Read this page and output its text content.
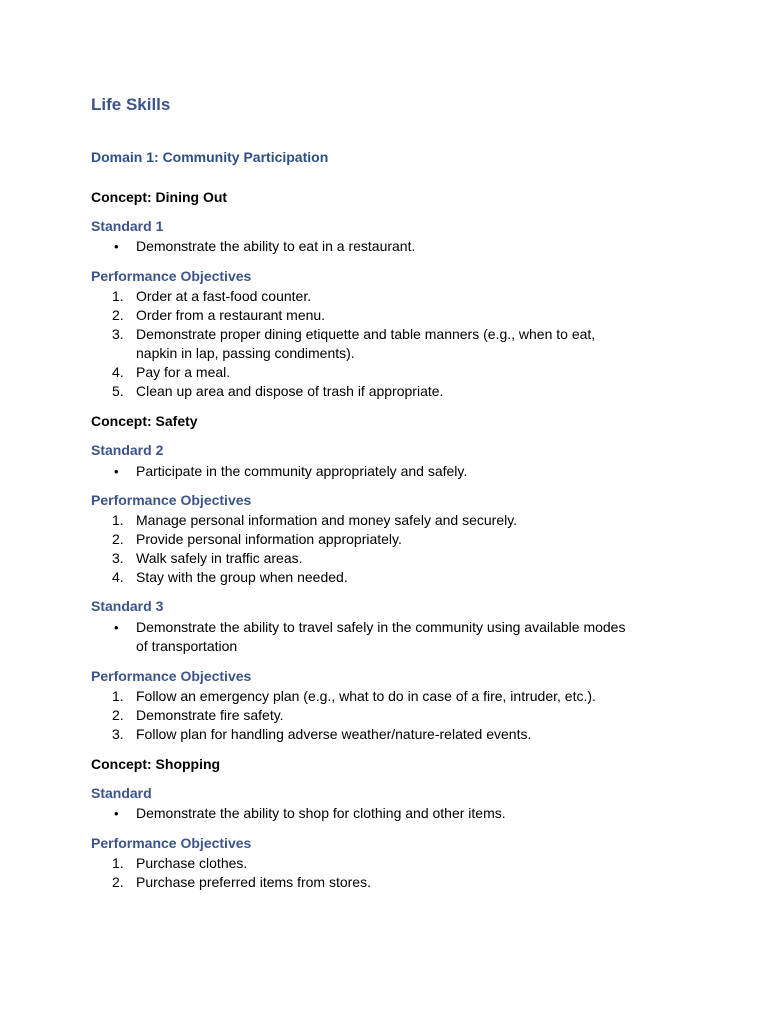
Life Skills
Domain 1: Community Participation
Concept: Dining Out
Standard 1
• Demonstrate the ability to eat in a restaurant.
Performance Objectives
1. Order at a fast-food counter.
2. Order from a restaurant menu.
3. Demonstrate proper dining etiquette and table manners (e.g., when to eat,
napkin in lap, passing condiments).
4. Pay for a meal.
5. Clean up area and dispose of trash if appropriate.
Concept: Safety
Standard 2
• Participate in the community appropriately and safely.
Performance Objectives
1. Manage personal information and money safely and securely.
2. Provide personal information appropriately.
3. Walk safely in traffic areas.
4. Stay with the group when needed.
Standard 3
• Demonstrate the ability to travel safely in the community using available modes
of transportation
Performance Objectives
1. Follow an emergency plan (e.g., what to do in case of a fire, intruder, etc.).
2. Demonstrate fire safety.
3. Follow plan for handling adverse weather/nature-related events.
Concept: Shopping
Standard
• Demonstrate the ability to shop for clothing and other items.
Performance Objectives
1. Purchase clothes.
2. Purchase preferred items from stores.
